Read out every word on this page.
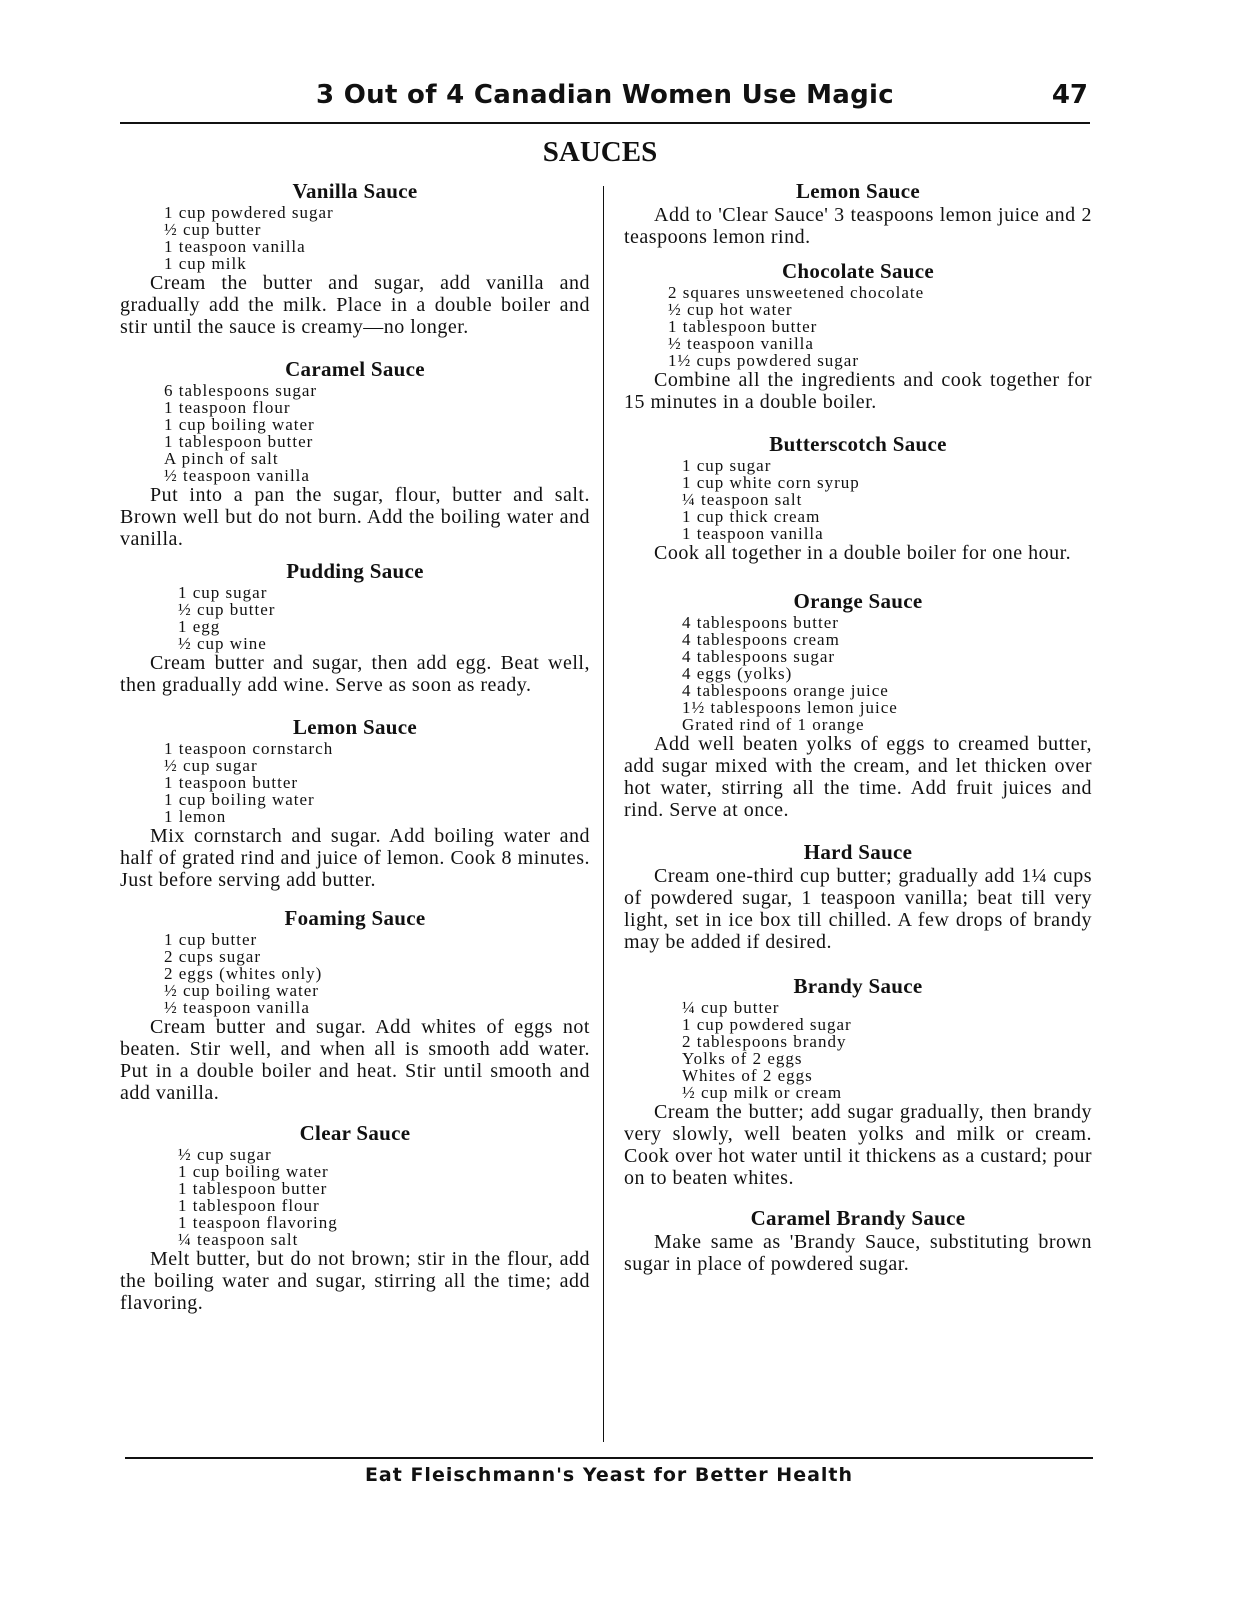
3 Out of 4 Canadian Women Use Magic	47
SAUCES
Vanilla Sauce
1 cup powdered sugar
½ cup butter
1 teaspoon vanilla
1 cup milk

Cream the butter and sugar, add vanilla and gradually add the milk. Place in a double boiler and stir until the sauce is creamy—no longer.

Caramel Sauce
6 tablespoons sugar
1 teaspoon flour
1 cup boiling water
1 tablespoon butter
A pinch of salt
½ teaspoon vanilla

Put into a pan the sugar, flour, butter and salt. Brown well but do not burn. Add the boiling water and vanilla.

Pudding Sauce
1 cup sugar
½ cup butter
1 egg
½ cup wine

Cream butter and sugar, then add egg. Beat well, then gradually add wine. Serve as soon as ready.

Lemon Sauce
1 teaspoon cornstarch
½ cup sugar
1 teaspoon butter
1 cup boiling water
1 lemon

Mix cornstarch and sugar. Add boiling water and half of grated rind and juice of lemon. Cook 8 minutes. Just before serving add butter.

Foaming Sauce
1 cup butter
2 cups sugar
2 eggs (whites only)
½ cup boiling water
½ teaspoon vanilla

Cream butter and sugar. Add whites of eggs not beaten. Stir well, and when all is smooth add water. Put in a double boiler and heat. Stir until smooth and add vanilla.

Clear Sauce
½ cup sugar
1 cup boiling water
1 tablespoon butter
1 tablespoon flour
1 teaspoon flavoring
¼ teaspoon salt

Melt butter, but do not brown; stir in the flour, add the boiling water and sugar, stirring all the time; add flavoring.

Lemon Sauce

Add to 'Clear Sauce' 3 teaspoons lemon juice and 2 teaspoons lemon rind.

Chocolate Sauce
2 squares unsweetened chocolate
½ cup hot water
1 tablespoon butter
½ teaspoon vanilla
1½ cups powdered sugar

Combine all the ingredients and cook together for 15 minutes in a double boiler.

Butterscotch Sauce
1 cup sugar
1 cup white corn syrup
¼ teaspoon salt
1 cup thick cream
1 teaspoon vanilla

Cook all together in a double boiler for one hour.

Orange Sauce
4 tablespoons butter
4 tablespoons cream
4 tablespoons sugar
4 eggs (yolks)
4 tablespoons orange juice
1½ tablespoons lemon juice
Grated rind of 1 orange

Add well beaten yolks of eggs to creamed butter, add sugar mixed with the cream, and let thicken over hot water, stirring all the time. Add fruit juices and rind. Serve at once.

Hard Sauce

Cream one-third cup butter; gradually add 1¼ cups of powdered sugar, 1 teaspoon vanilla; beat till very light, set in ice box till chilled. A few drops of brandy may be added if desired.

Brandy Sauce
¼ cup butter
1 cup powdered sugar
2 tablespoons brandy
Yolks of 2 eggs
Whites of 2 eggs
½ cup milk or cream

Cream the butter; add sugar gradually, then brandy very slowly, well beaten yolks and milk or cream. Cook over hot water until it thickens as a custard; pour on to beaten whites.

Caramel Brandy Sauce

Make same as 'Brandy Sauce, substituting brown sugar in place of powdered sugar.

Eat Fleischmann's Yeast for Better Health
